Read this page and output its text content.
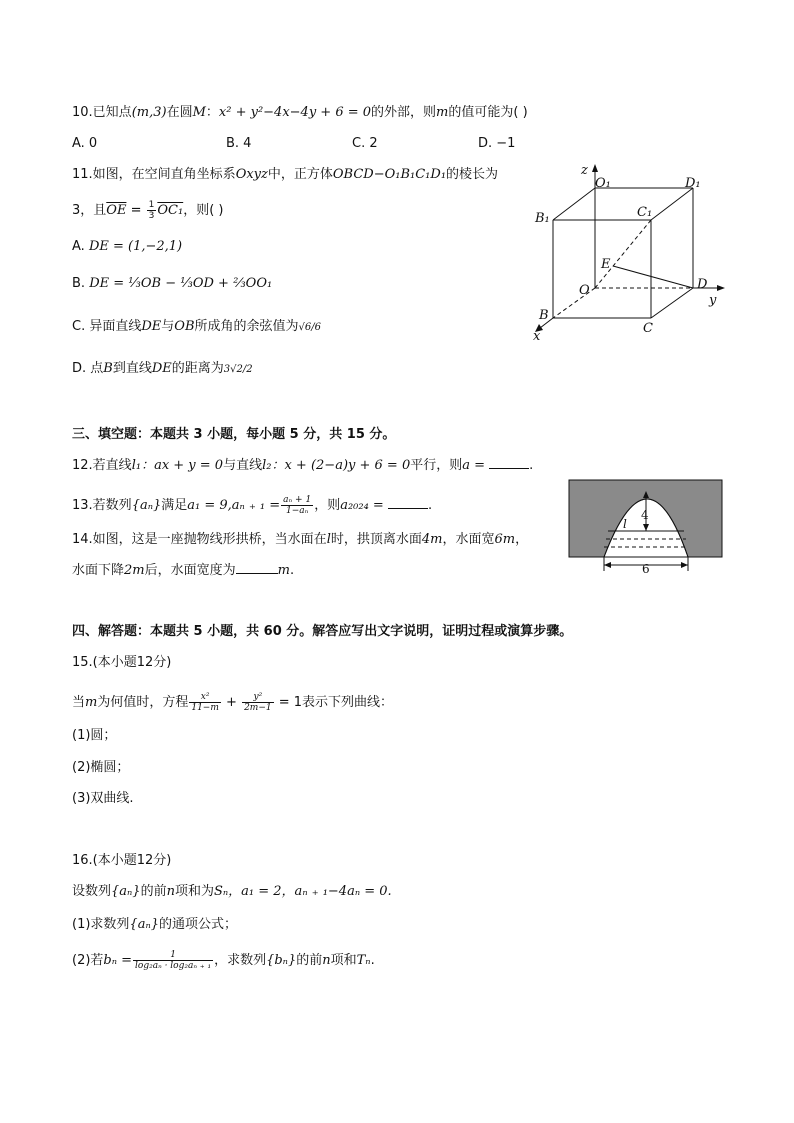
10.已知点(m,3)在圆M：x² + y²−4x−4y + 6 = 0的外部，则m的值可能为( )
A. 0	B. 4	C. 2	D. −1
11.如图，在空间直角坐标系Oxyz中，正方体OBCD−O₁B₁C₁D₁的棱长为
3，且$\overline{OE} = \frac{1}{3} OC_1$，则( )
A. DE = (1,−2,1)
B. DE = ⅓OB − ⅓OD + ⅔OO₁
C. 异面直线DE与OB所成角的余弦值为√6/6
D. 点B到直线DE的距离为3√2/2
z
O₁	D₁
B₁	C₁
E
O	D
y
B
C
x
三、填空题：本题共 3 小题，每小题 5 分，共 15 分。
12.若直线l₁：ax + y = 0与直线l₂：x + (2−a)y + 6 = 0平行，则a =	.
13.若数列{aₙ}满足a₁ = 9,aₙ ₊ $_1 = \frac{\text{aₙ + 1}}{\text{1−aₙ}}$ ，则a₂₀₂₄ =	.
14.如图，这是一座抛物线形拱桥，当水面在l时，拱顶离水面4m，水面宽6m，
水面下降2m后，水面宽度为	m.
4
l
6
四、解答题：本题共 5 小题，共 60 分。解答应写出文字说明，证明过程或演算步骤。
15.(本小题12分)
当m为何值时，方程 $\frac{\text{x²}}{11-m} + \frac{\text{y²}}{2m-1} = 1$表示下列曲线：
(1)圆；
(2)椭圆；
(3)双曲线.
16.(本小题12分)
设数列{aₙ}的前n项和为Sₙ，a₁ = 2，aₙ ₊ ₁−4aₙ = 0.
(1)求数列{aₙ}的通项公式；
(2)若$b_n = \frac{1}{\text{log₂aₙ · log₂aₙ ₊ ₁}}$ ，求数列{bₙ}的前n项和Tₙ.
